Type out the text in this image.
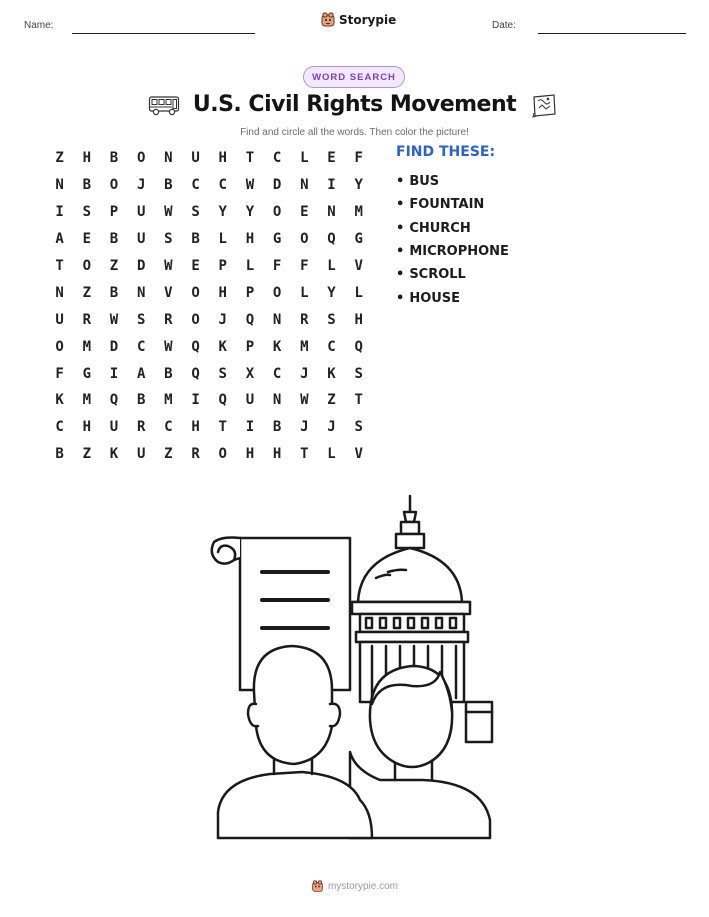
Name:	Storypie	Date:
WORD SEARCH
U.S. Civil Rights Movement
Find and circle all the words. Then color the picture!
Z	H	B	O	N	U	H	T	C	L	E	F
N	B	O	J	B	C	C	W	D	N	I	Y
I	S	P	U	W	S	Y	Y	O	E	N	M
A	E	B	U	S	B	L	H	G	O	Q	G
T	O	Z	D	W	E	P	L	F	F	L	V
N	Z	B	N	V	O	H	P	O	L	Y	L
U	R	W	S	R	O	J	Q	N	R	S	H
O	M	D	C	W	Q	K	P	K	M	C	Q
F	G	I	A	B	Q	S	X	C	J	K	S
K	M	Q	B	M	I	Q	U	N	W	Z	T
C	H	U	R	C	H	T	I	B	J	J	S
B	Z	K	U	Z	R	O	H	H	T	L	V
FIND THESE:
• BUS
• FOUNTAIN
• CHURCH
• MICROPHONE
• SCROLL
• HOUSE
mystorypie.com
